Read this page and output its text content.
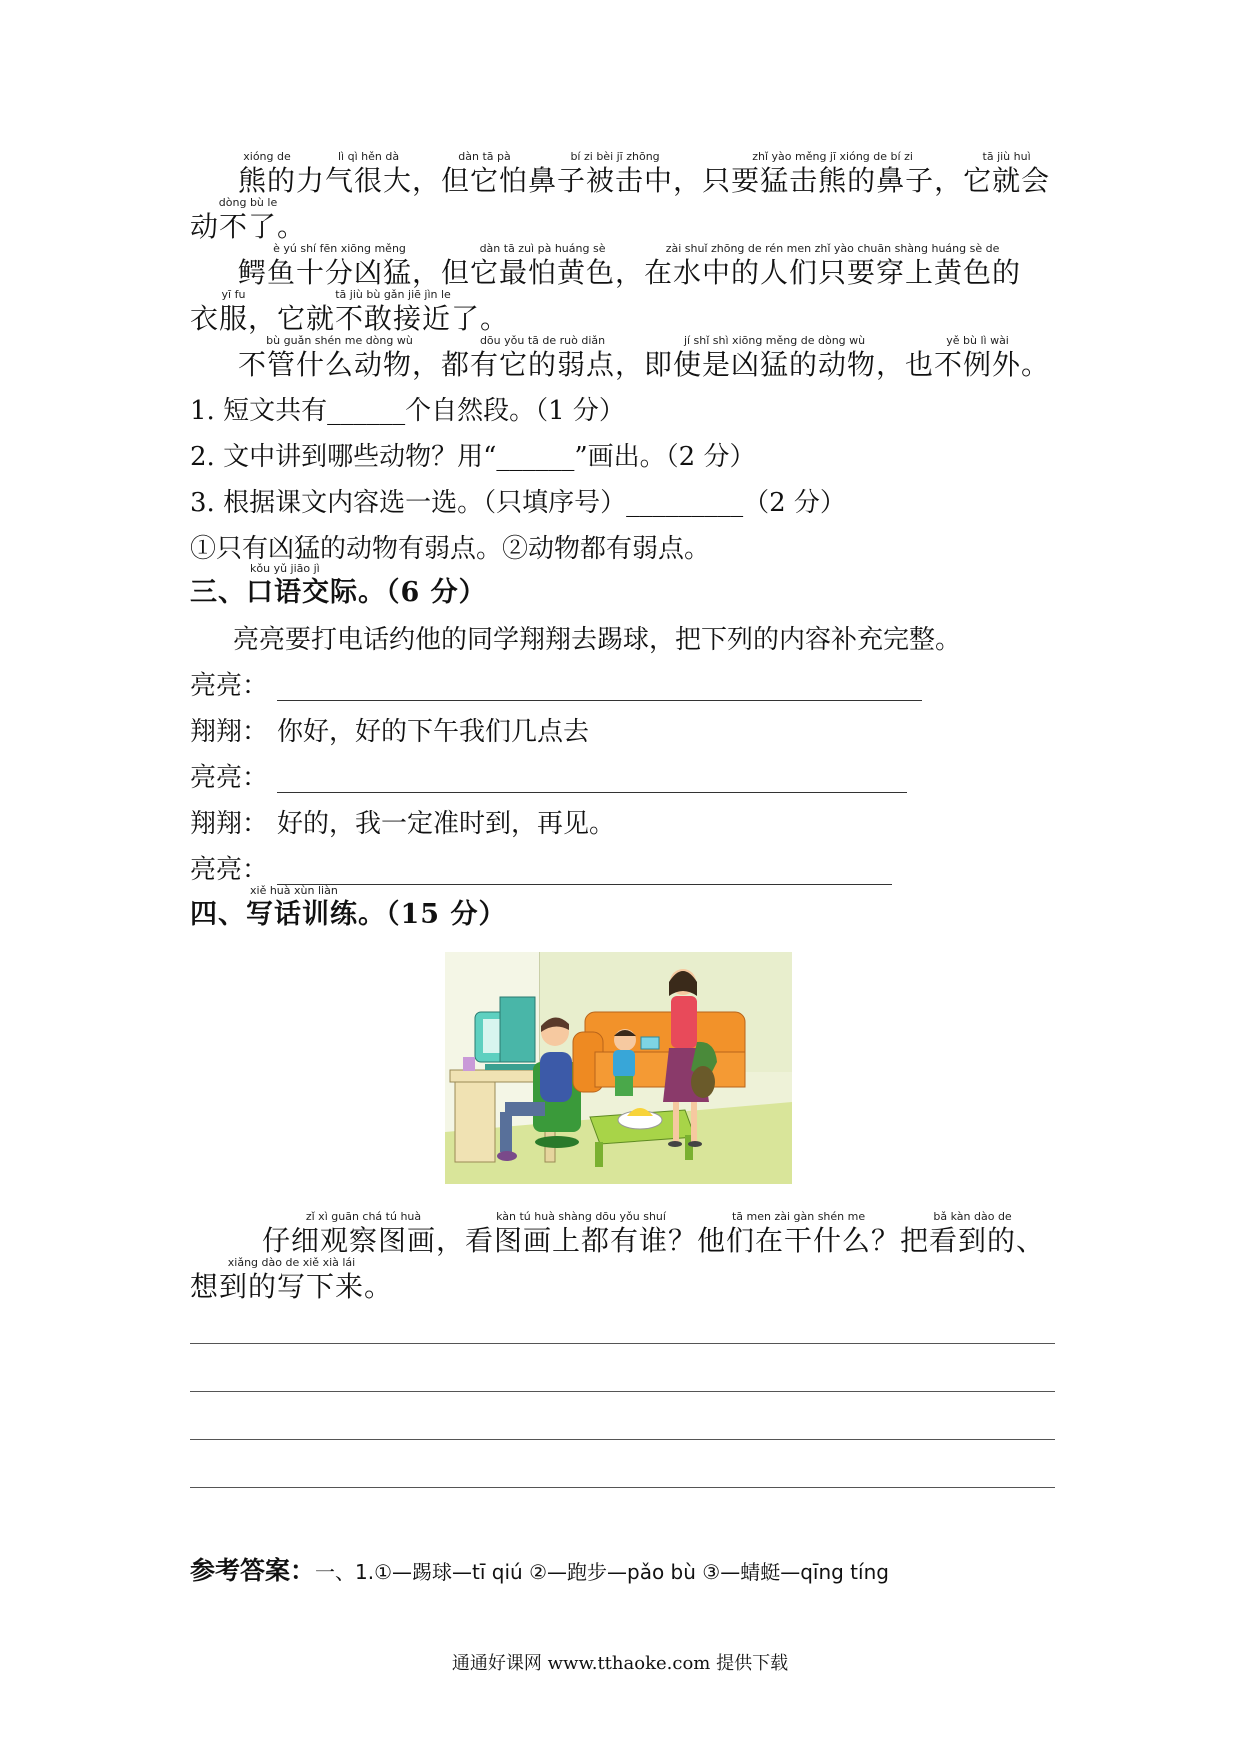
xióng de
熊的
lì qì hěn dà
力气很大，
dàn tā pà
但它怕
bí zi bèi jī zhōng
鼻子被击中，
zhǐ yào měng jī xióng de bí zi
只要猛击熊的鼻子，
tā jiù huì
它就会
dòng bù le
动不了。
è yú shí fēn xiōng měng
鳄鱼十分凶猛，
dàn tā zuì pà huáng sè
但它最怕黄色，
zài shuǐ zhōng de rén men zhǐ yào chuān shàng huáng sè de
在水中的人们只要穿上黄色的
yī fu
衣服，
tā jiù bù gǎn jiē jìn le
它就不敢接近了。
bù guǎn shén me dòng wù
不管什么动物，
dōu yǒu tā de ruò diǎn
都有它的弱点，
jí shǐ shì xiōng měng de dòng wù
即使是凶猛的动物，
yě bù lì wài
也不例外。
1. 短文共有______个自然段。（1 分）
2. 文中讲到哪些动物？用“______”画出。（2 分）
3. 根据课文内容选一选。（只填序号）_________（2 分）
①只有凶猛的动物有弱点。②动物都有弱点。
kǒu yǔ jiāo jì
三、口语交际。（6 分）
亮亮要打电话约他的同学翔翔去踢球，把下列的内容补充完整。
亮亮：
翔翔： 你好，好的下午我们几点去
亮亮：
翔翔： 好的，我一定准时到，再见。
亮亮：
xiě huà xùn liàn
四、写话训练。（15 分）
zǐ xì guān chá tú huà
仔细观察图画，
kàn tú huà shàng dōu yǒu shuí
看图画上都有谁？
tā men zài gàn shén me
他们在干什么？
bǎ kàn dào de
把看到的、
xiǎng dào de xiě xià lái
想到的写下来。
参考答案：一、1.①—踢球—tī qiú ②—跑步—pǎo bù ③—蜻蜓—qīng tíng
通通好课网 www.tthaoke.com 提供下载
